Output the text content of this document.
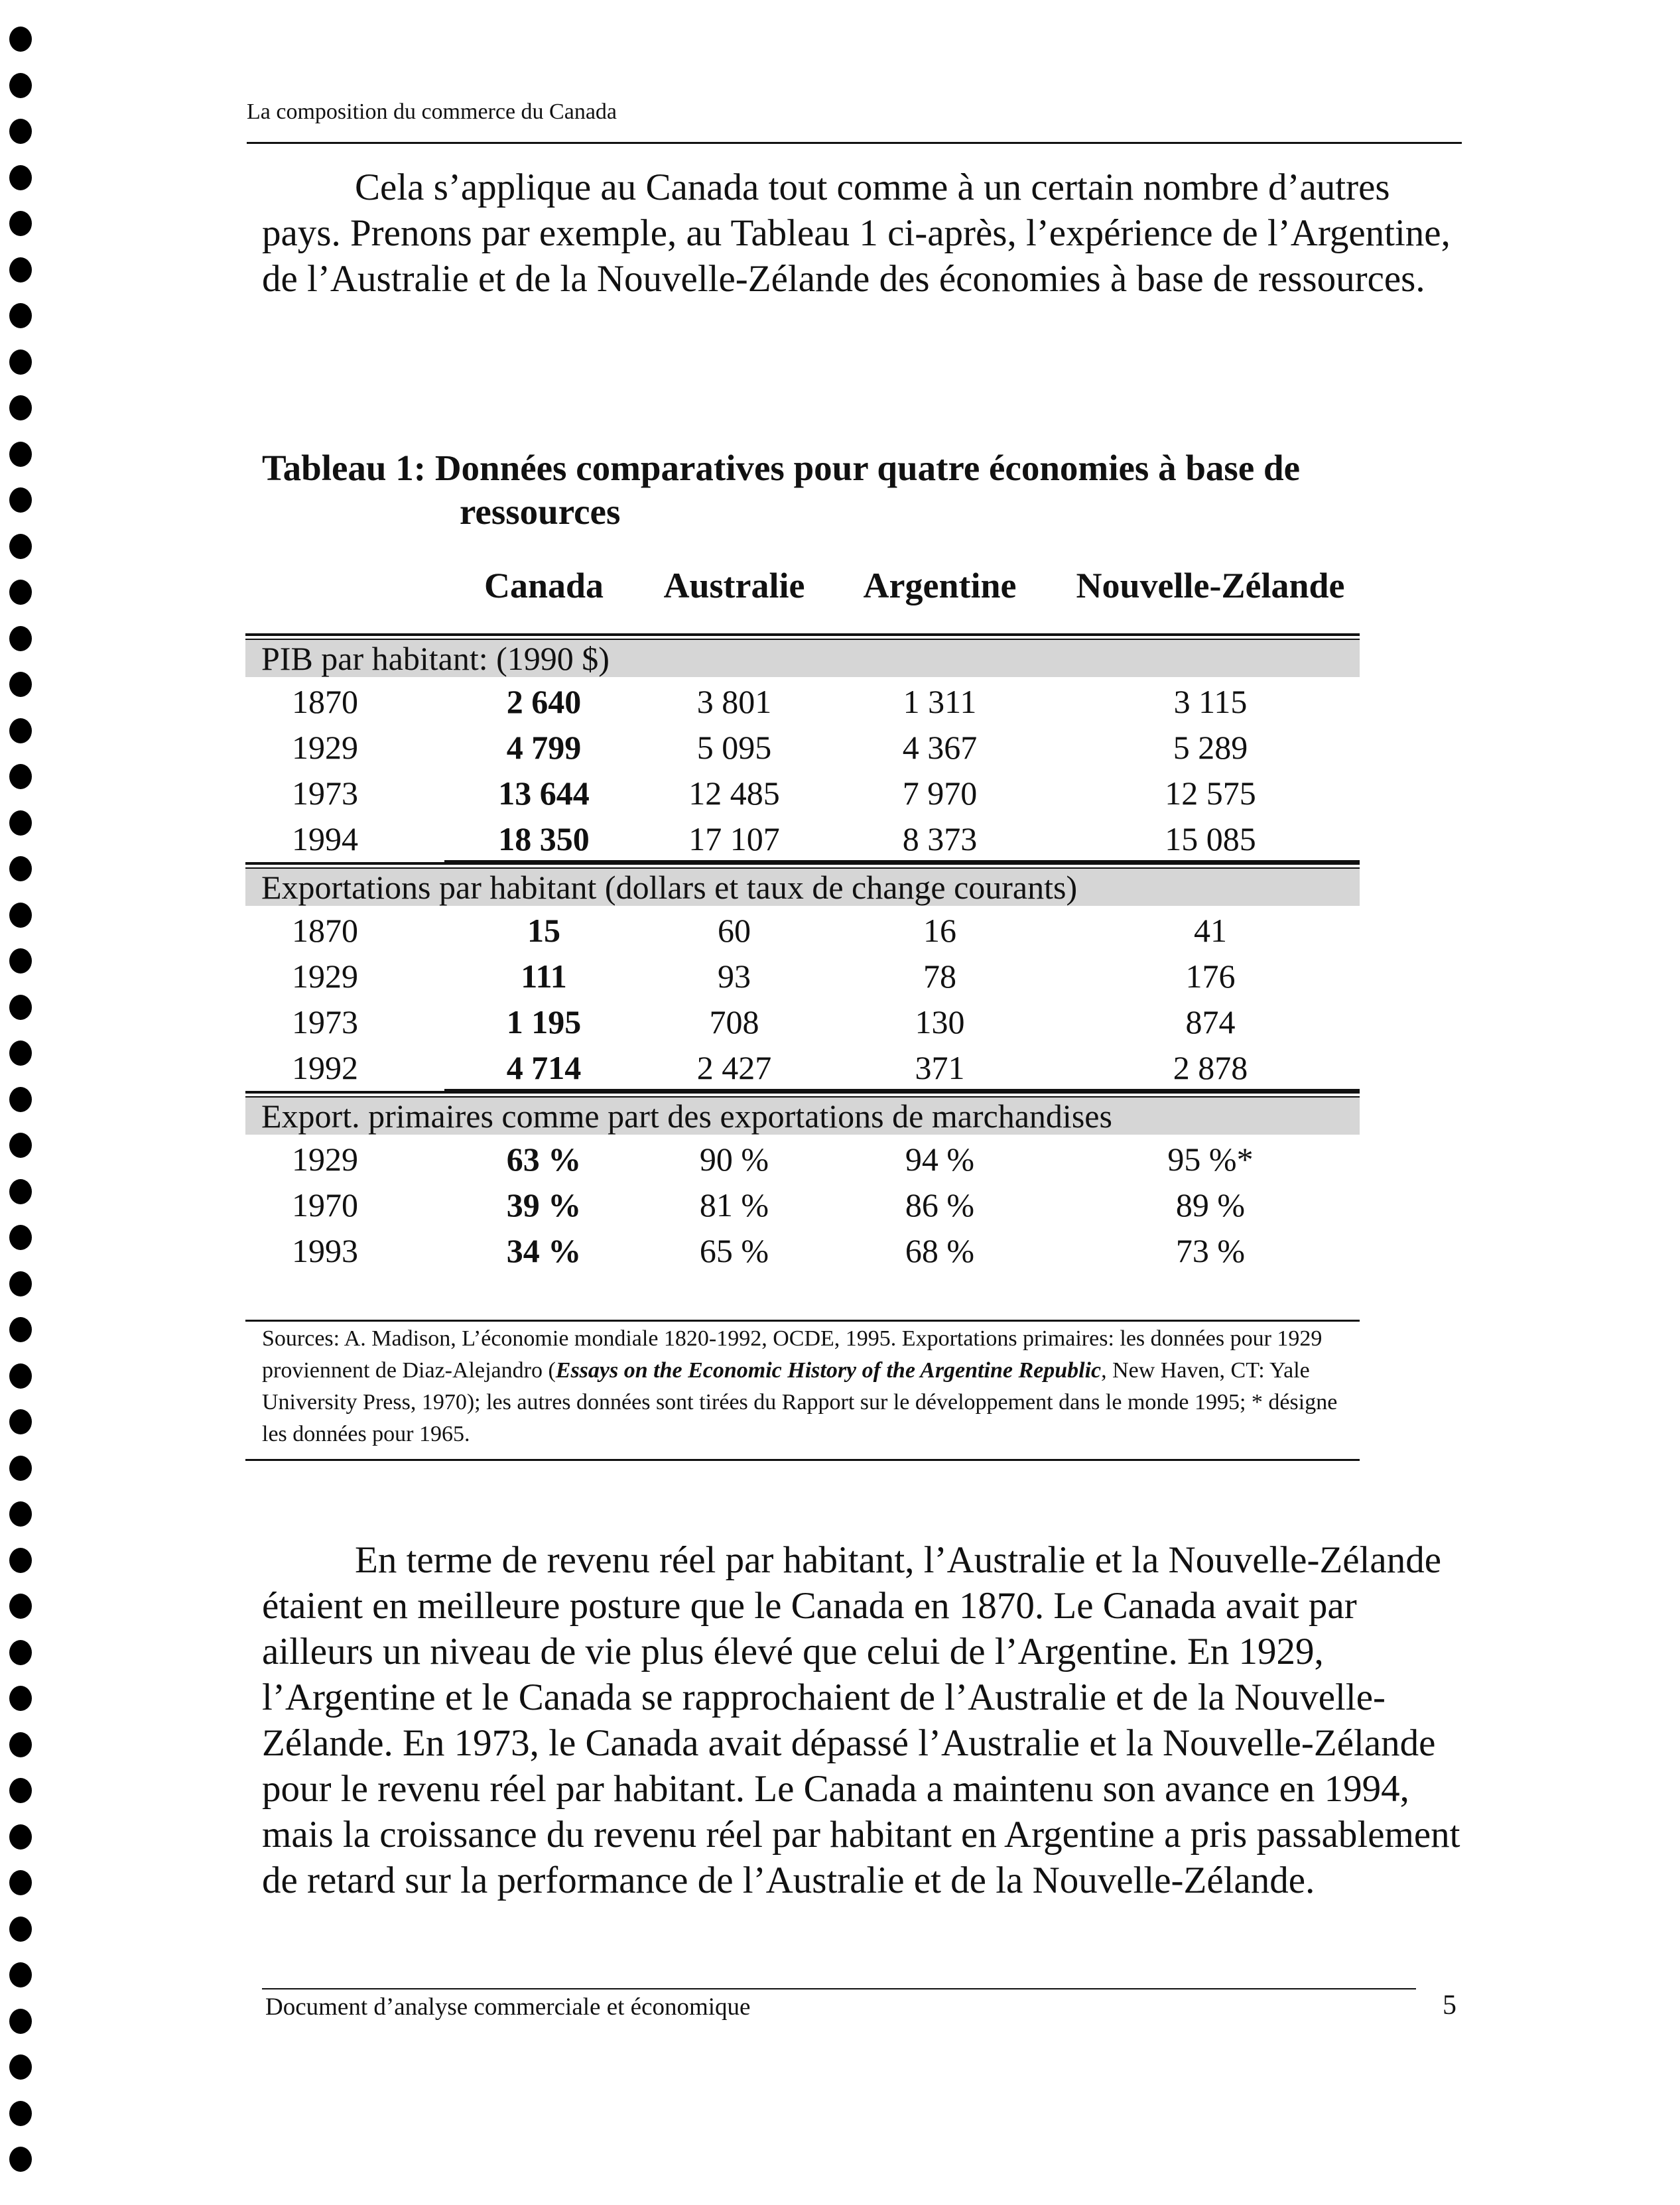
La composition du commerce du Canada

Cela s’applique au Canada tout comme à un certain nombre d’autres pays. Prenons par exemple, au Tableau 1 ci-après, l’expérience de l’Argentine, de l’Australie et de la Nouvelle-Zélande des économies à base de ressources.

Tableau 1: Données comparatives pour quatre économies à base de
ressources
Canada Australie Argentine Nouvelle-Zélande
PIB par habitant: (1990 $)
1870	2 640	3 801	1 311	3 115
1929	4 799	5 095	4 367	5 289
1973	13 644	12 485	7 970	12 575
1994	18 350	17 107	8 373	15 085
Exportations par habitant (dollars et taux de change courants)
1870	15	60	16	41
1929	111	93	78	176
1973	1 195	708	130	874
1992	4 714	2 427	371	2 878
Export. primaires comme part des exportations de marchandises
1929	63 %	90 %	94 %	95 %*
1970	39 %	81 %	86 %	89 %
1993	34 %	65 %	68 %	73 %
Sources: A. Madison, L’économie mondiale 1820-1992, OCDE, 1995. Exportations primaires: les données pour 1929 proviennent de Diaz-Alejandro (Essays on the Economic History of the Argentine Republic, New Haven, CT: Yale University Press, 1970); les autres données sont tirées du Rapport sur le développement dans le monde 1995; * désigne les données pour 1965.

En terme de revenu réel par habitant, l’Australie et la Nouvelle-Zélande étaient en meilleure posture que le Canada en 1870. Le Canada avait par ailleurs un niveau de vie plus élevé que celui de l’Argentine. En 1929, l’Argentine et le Canada se rapprochaient de l’Australie et de la Nouvelle-Zélande. En 1973, le Canada avait dépassé l’Australie et la Nouvelle-Zélande pour le revenu réel par habitant. Le Canada a maintenu son avance en 1994, mais la croissance du revenu réel par habitant en Argentine a pris passablement de retard sur la performance de l’Australie et de la Nouvelle-Zélande.

Document d’analyse commerciale et économique	5
